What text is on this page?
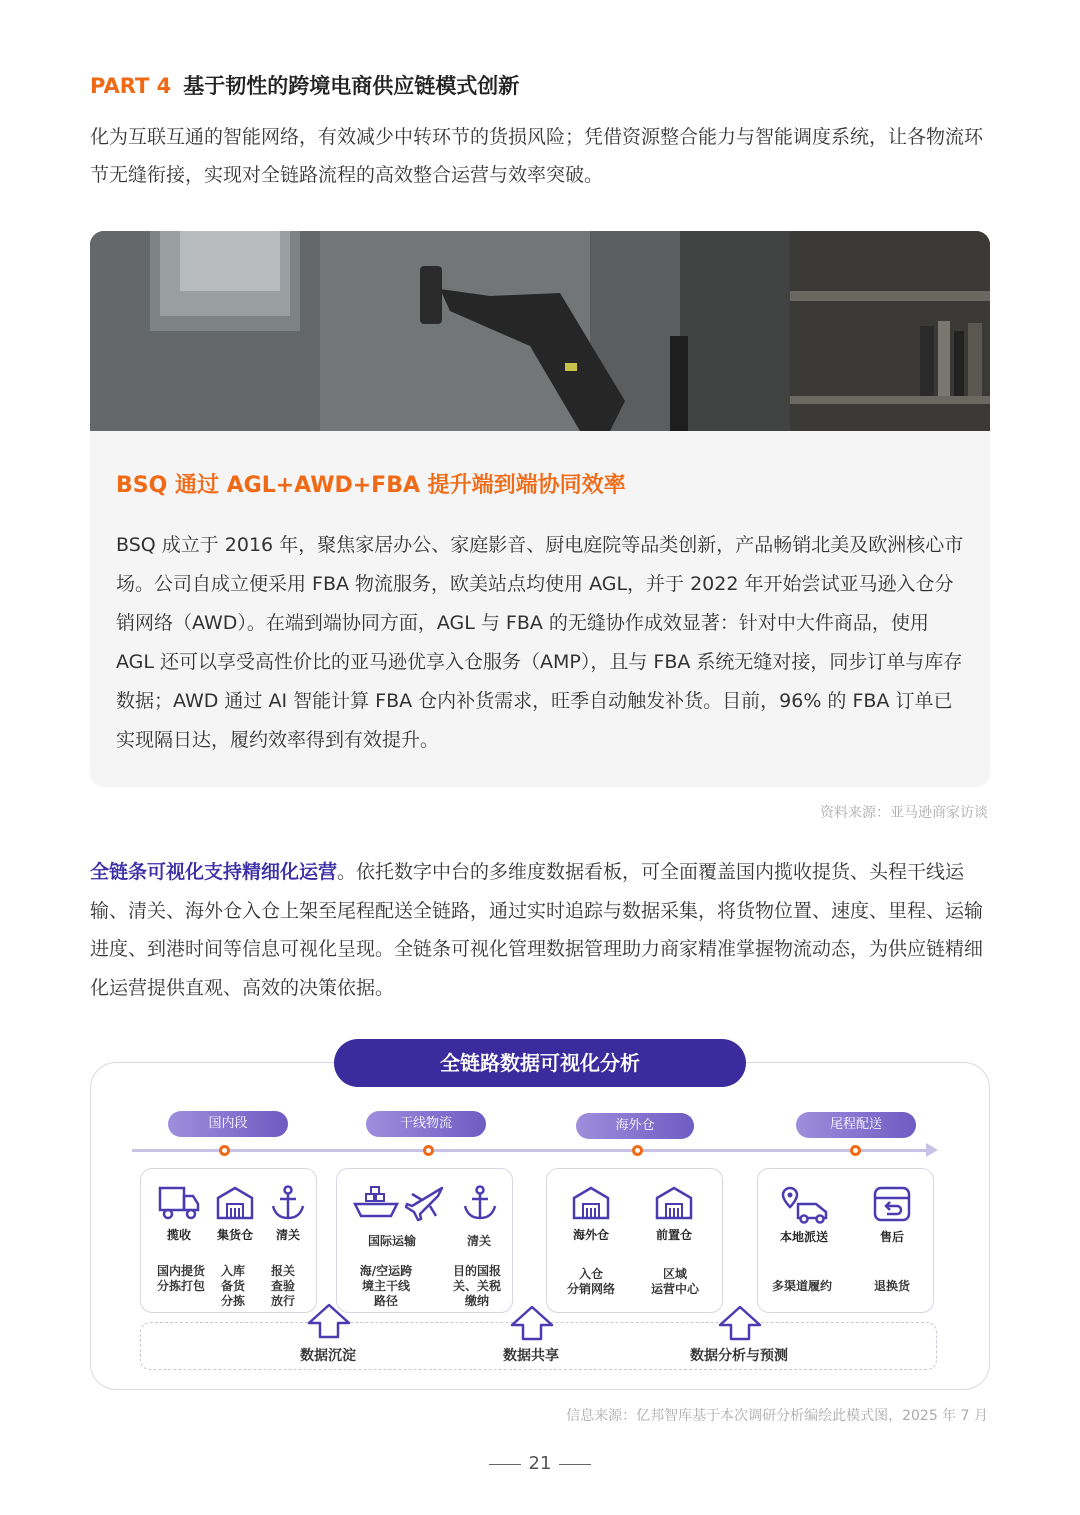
PART 4 基于韧性的跨境电商供应链模式创新
化为互联互通的智能网络，有效减少中转环节的货损风险；凭借资源整合能力与智能调度系统，让各物流环节无缝衔接，实现对全链路流程的高效整合运营与效率突破。
BSQ 通过 AGL+AWD+FBA 提升端到端协同效率
BSQ 成立于 2016 年，聚焦家居办公、家庭影音、厨电庭院等品类创新，产品畅销北美及欧洲核心市场。公司自成立便采用 FBA 物流服务，欧美站点均使用 AGL，并于 2022 年开始尝试亚马逊入仓分销网络（AWD）。在端到端协同方面，AGL 与 FBA 的无缝协作成效显著：针对中大件商品，使用 AGL 还可以享受高性价比的亚马逊优享入仓服务（AMP），且与 FBA 系统无缝对接，同步订单与库存数据；AWD 通过 AI 智能计算 FBA 仓内补货需求，旺季自动触发补货。目前，96% 的 FBA 订单已实现隔日达，履约效率得到有效提升。
资料来源：亚马逊商家访谈
全链条可视化支持精细化运营。依托数字中台的多维度数据看板，可全面覆盖国内揽收提货、头程干线运输、清关、海外仓入仓上架至尾程配送全链路，通过实时追踪与数据采集，将货物位置、速度、里程、运输进度、到港时间等信息可视化呈现。全链条可视化管理数据管理助力商家精准掌握物流动态，为供应链精细化运营提供直观、高效的决策依据。
全链路数据可视化分析
国内段	干线物流	海外仓	尾程配送
揽收	集货仓	清关
国内提货
分拣打包
入库
备货
分拣
报关
查验
放行
国际运输	清关
海/空运跨
境主干线
路径
目的国报
关、关税
缴纳
海外仓	前置仓
入仓
分销网络
区域
运营中心
本地派送	售后
多渠道履约	退换货
数据沉淀	数据共享	数据分析与预测
信息来源：亿邦智库基于本次调研分析编绘此模式图，2025 年 7 月
21
